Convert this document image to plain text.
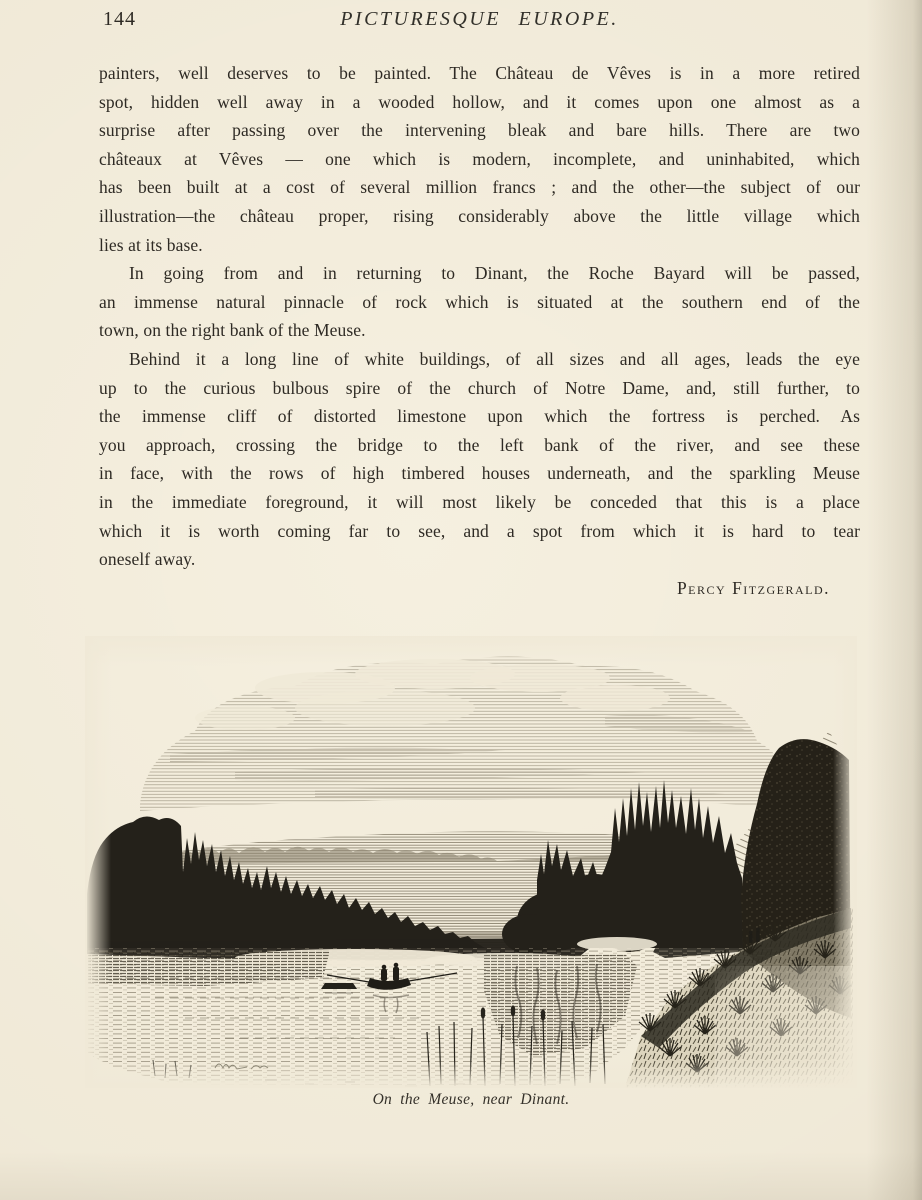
144	PICTURESQUE EUROPE.
painters, well deserves to be painted. The Château de Vêves is in a more retired
spot, hidden well away in a wooded hollow, and it comes upon one almost as a
surprise after passing over the intervening bleak and bare hills. There are two
châteaux at Vêves — one which is modern, incomplete, and uninhabited, which
has been built at a cost of several million francs ; and the other—the subject of our
illustration—the château proper, rising considerably above the little village which
lies at its base.
In going from and in returning to Dinant, the Roche Bayard will be passed,
an immense natural pinnacle of rock which is situated at the southern end of the
town, on the right bank of the Meuse.
Behind it a long line of white buildings, of all sizes and all ages, leads the eye
up to the curious bulbous spire of the church of Notre Dame, and, still further, to
the immense cliff of distorted limestone upon which the fortress is perched. As
you approach, crossing the bridge to the left bank of the river, and see these
in face, with the rows of high timbered houses underneath, and the sparkling Meuse
in the immediate foreground, it will most likely be conceded that this is a place
which it is worth coming far to see, and a spot from which it is hard to tear
oneself away.
Percy Fitzgerald.
On the Meuse, near Dinant.
